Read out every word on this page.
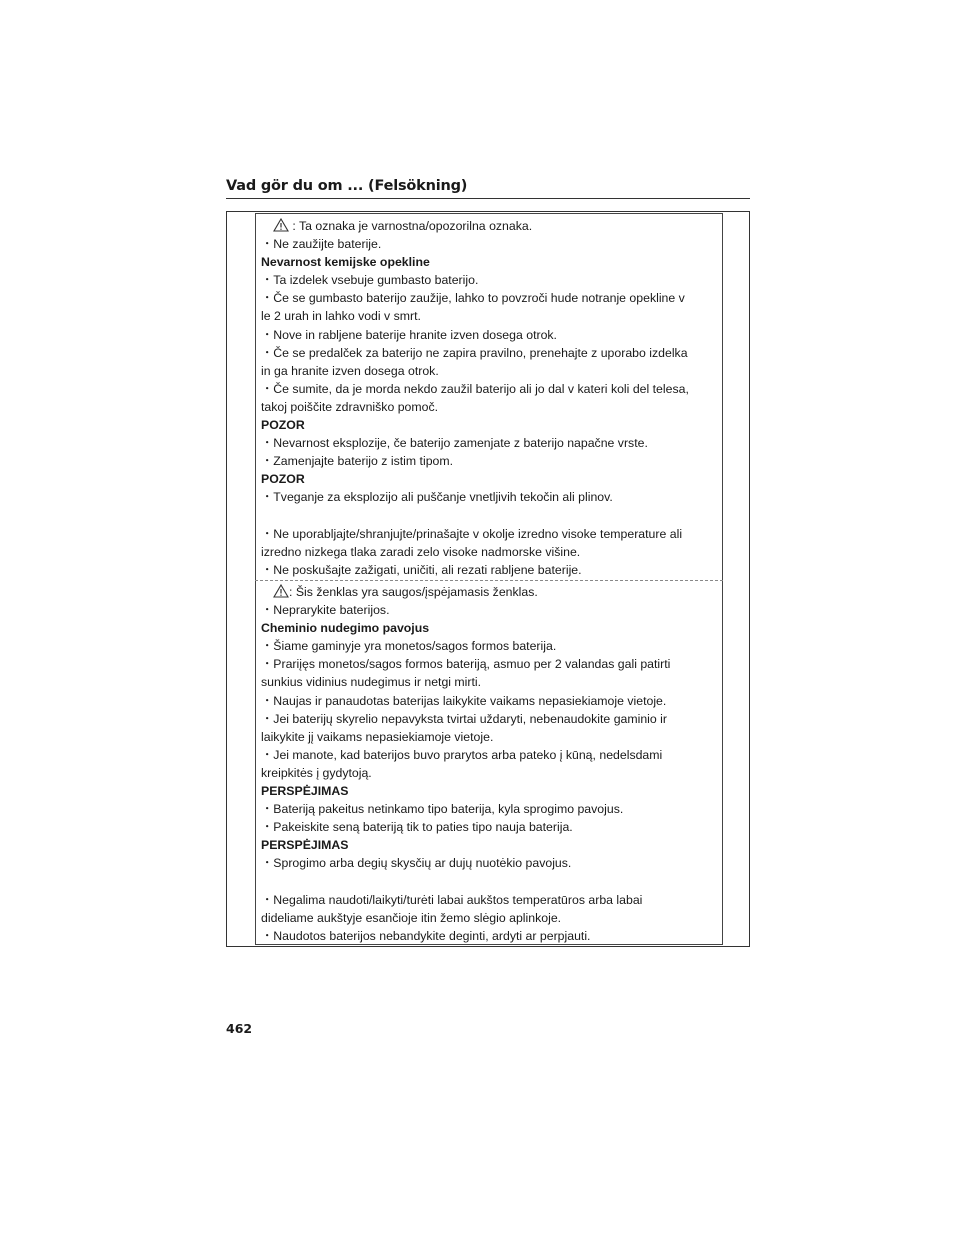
Vad gör du om ... (Felsökning)
: Ta oznaka je varnostna/opozorilna oznaka.
・Ne zaužijte baterije.
Nevarnost kemijske opekline
・Ta izdelek vsebuje gumbasto baterijo.
・Če se gumbasto baterijo zaužije, lahko to povzroči hude notranje opekline v
le 2 urah in lahko vodi v smrt.
・Nove in rabljene baterije hranite izven dosega otrok.
・Če se predalček za baterijo ne zapira pravilno, prenehajte z uporabo izdelka
in ga hranite izven dosega otrok.
・Če sumite, da je morda nekdo zaužil baterijo ali jo dal v kateri koli del telesa,
takoj poiščite zdravniško pomoč.
POZOR
・Nevarnost eksplozije, če baterijo zamenjate z baterijo napačne vrste.
・Zamenjajte baterijo z istim tipom.
POZOR
・Tveganje za eksplozijo ali puščanje vnetljivih tekočin ali plinov.
・Ne uporabljajte/shranjujte/prinašajte v okolje izredno visoke temperature ali
izredno nizkega tlaka zaradi zelo visoke nadmorske višine.
・Ne poskušajte zažigati, uničiti, ali rezati rabljene baterije.
: Šis ženklas yra saugos/įspėjamasis ženklas.
・Neprarykite baterijos.
Cheminio nudegimo pavojus
・Šiame gaminyje yra monetos/sagos formos baterija.
・Prariįęs monetos/sagos formos bateriją, asmuo per 2 valandas gali patirti
sunkius vidinius nudegimus ir netgi mirti.
・Naujas ir panaudotas baterijas laikykite vaikams nepasiekiamoje vietoje.
・Jei baterijų skyrelio nepavyksta tvirtai uždaryti, nebenaudokite gaminio ir
laikykite jį vaikams nepasiekiamoje vietoje.
・Jei manote, kad baterijos buvo prarytos arba pateko į kūną, nedelsdami
kreipkitės į gydytoją.
PERSPĖJIMAS
・Bateriją pakeitus netinkamo tipo baterija, kyla sprogimo pavojus.
・Pakeiskite seną bateriją tik to paties tipo nauja baterija.
PERSPĖJIMAS
・Sprogimo arba degių skysčių ar dujų nuotėkio pavojus.
・Negalima naudoti/laikyti/turėti labai aukštos temperatūros arba labai
dideliame aukštyje esančioje itin žemo slėgio aplinkoje.
・Naudotos baterijos nebandykite deginti, ardyti ar perpjauti.
462
